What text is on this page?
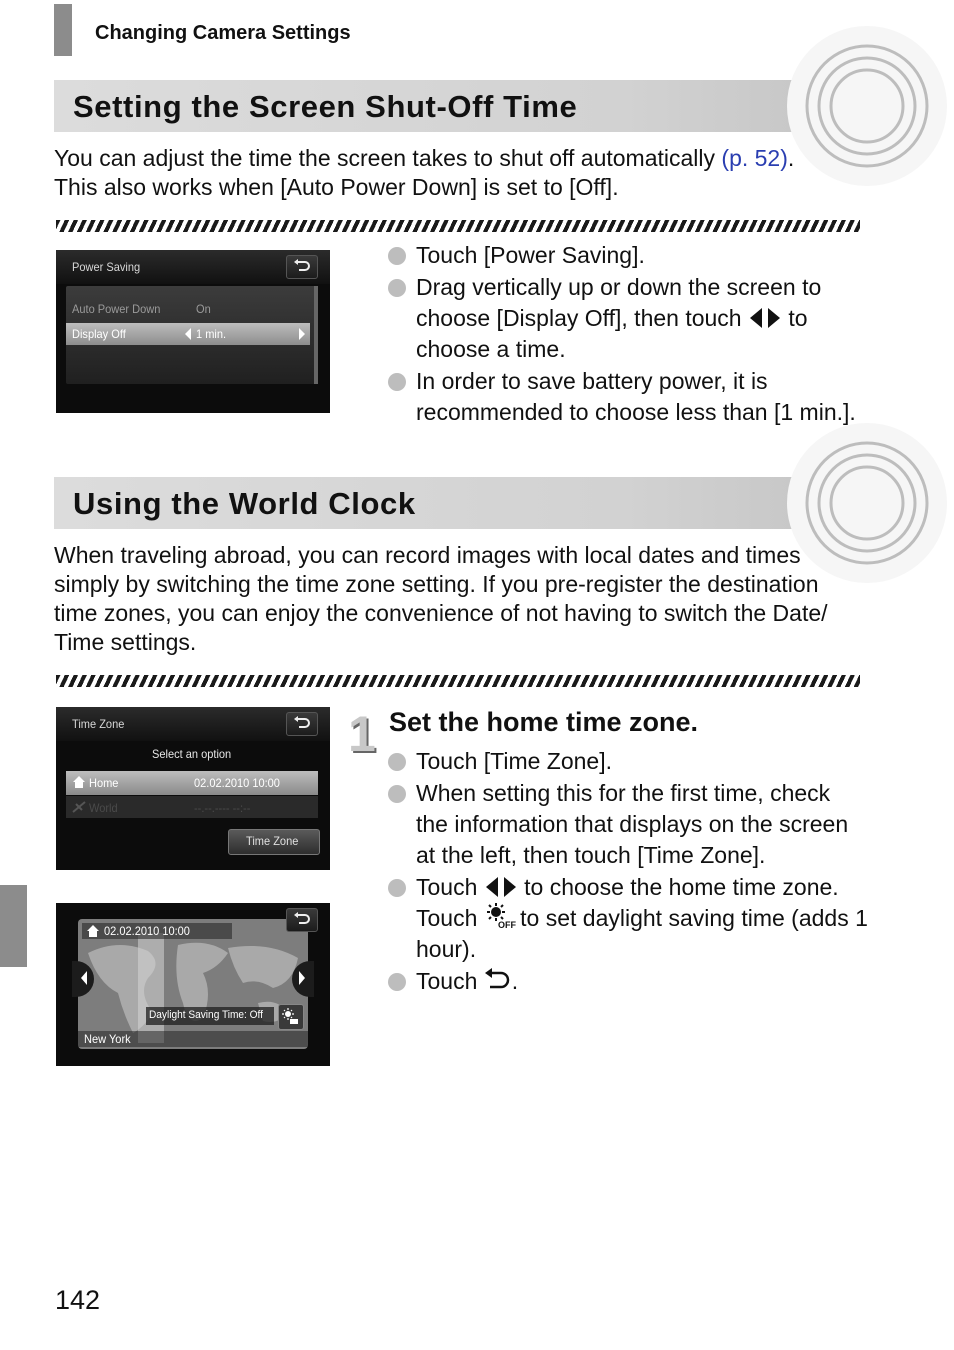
Changing Camera Settings
Setting the Screen Shut-Off Time
You can adjust the time the screen takes to shut off automatically (p. 52).
This also works when [Auto Power Down] is set to [Off].
Power Saving
Auto Power Down	On
Display Off	1 min.
Touch [Power Saving].
Drag vertically up or down the screen to choose [Display Off], then touch  to choose a time.
In order to save battery power, it is recommended to choose less than [1 min.].
Using the World Clock
When traveling abroad, you can record images with local dates and times simply by switching the time zone setting. If you pre-register the destination time zones, you can enjoy the convenience of not having to switch the Date/ Time settings.
Time Zone
Select an option
Home	02.02.2010 10:00
World	--.--.---- --:--
Time Zone
02.02.2010 10:00
Daylight Saving Time: Off
New York
1 Set the home time zone.
Touch [Time Zone].
When setting this for the first time, check the information that displays on the screen at the left, then touch [Time Zone].
Touch  to choose the home time zone. Touch OFF
to set daylight saving time (adds 1 hour).
Touch .
142
